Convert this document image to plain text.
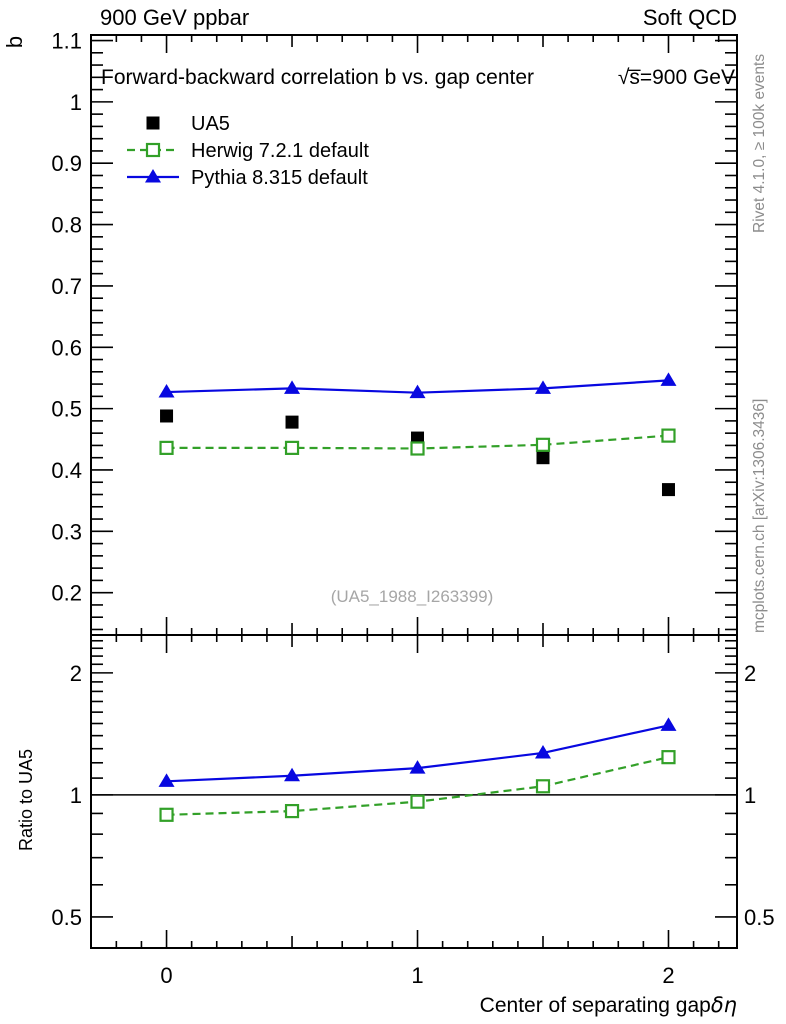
0.2
0.3
0.4
0.5
0.6
0.7
0.8
0.9
1
1.1
0	1	2
0.5	0.5
1	1
2	2
UA5
Herwig 7.2.1 default
Pythia 8.315 default
900 GeV ppbar	Soft QCD
Forward-backward correlation b vs. gap center	√s̅=900 GeV
b
Ratio to UA5
(UA5_1988_I263399)
Rivet 4.1.0, ≥ 100k events
mcplots.cern.ch [arXiv:1306.3436]
Center of separating gapδη
